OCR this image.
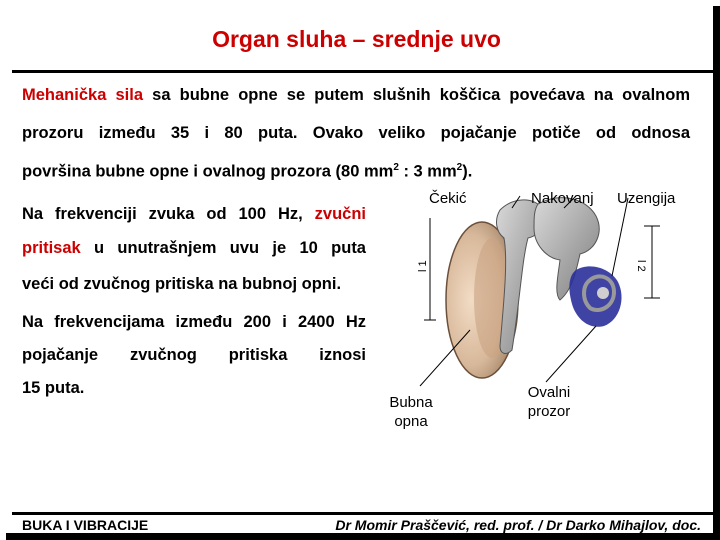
Organ sluha – srednje uvo
Mehanička sila sa bubne opne se putem slušnih koščica povećava na ovalnom
prozoru između 35 i 80 puta. Ovako veliko pojačanje potiče od odnosa
površina bubne opne i ovalnog prozora (80 $mm^2$ : 3 $mm^2$).
Na frekvenciji zvuka od 100 Hz, zvučni
pritisak u unutrašnjem uvu je 10 puta
veći od zvučnog pritiska na bubnoj opni.
Na frekvencijama između 200 i 2400 Hz
pojačanje zvučnog pritiska iznosi
15 puta.
l 1	l 2
Čekić	Nakovanj Uzengija
Bubna
opna
Ovalni
prozor
BUKA I VIBRACIJE	Dr Momir Praščević, red. prof. / Dr Darko Mihajlov, doc.
